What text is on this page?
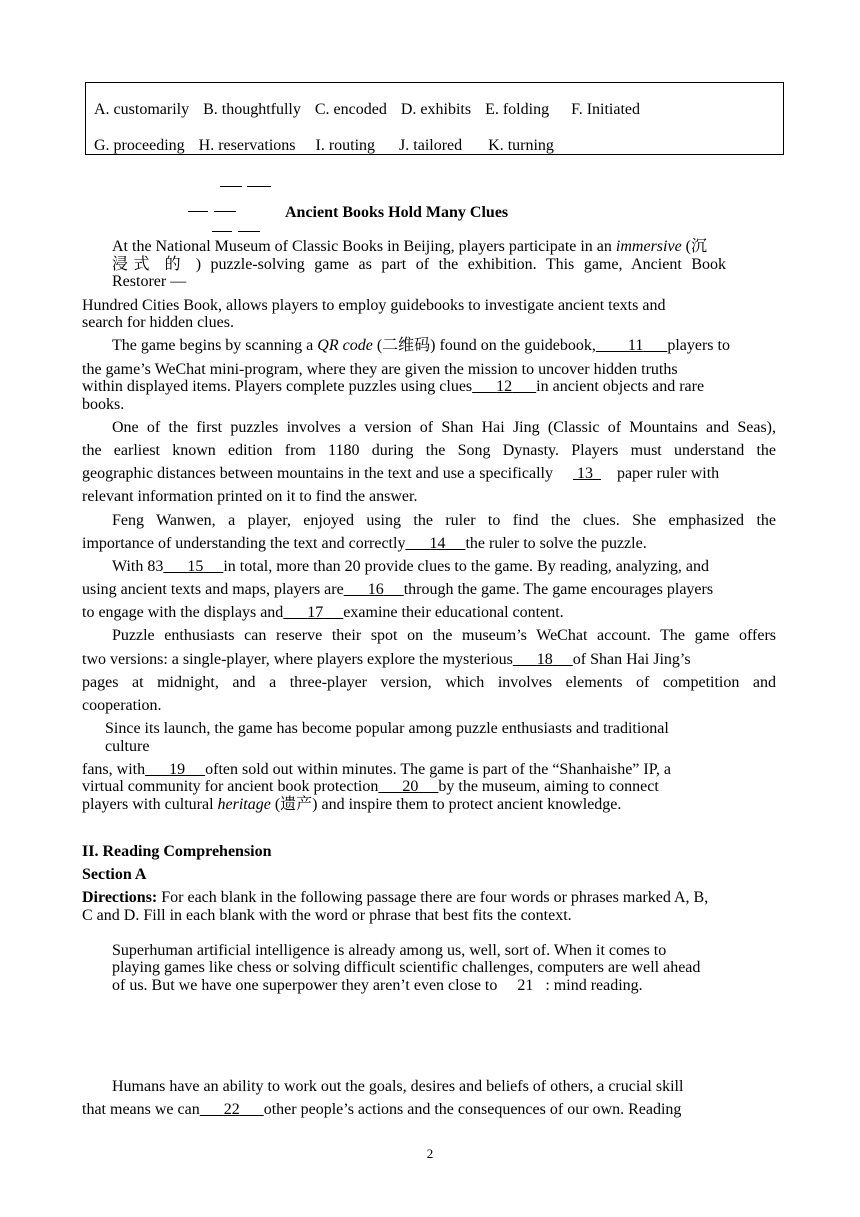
A. customarily B. thoughtfully C. encoded D. exhibits E. folding F. Initiated
G. proceeding H. reservations I. routing J. tailored K. turning
Ancient Books Hold Many Clues
At the National Museum of Classic Books in Beijing, players participate in an immersive (沉
浸式 的 ) puzzle-solving game as part of the exhibition. This game, Ancient Book
Restorer —
Hundred Cities Book, allows players to employ guidebooks to investigate ancient texts and
search for hidden clues.
The game begins by scanning a QR code (二维码) found on the guidebook, 11 players to
the game’s WeChat mini-program, where they are given the mission to uncover hidden truths
within displayed items. Players complete puzzles using clues 12 in ancient objects and rare
books.
One of the first puzzles involves a version of Shan Hai Jing (Classic of Mountains and Seas),
the earliest known edition from 1180 during the Song Dynasty. Players must understand the
geographic distances between mountains in the text and use a specifically 13 paper ruler with
relevant information printed on it to find the answer.
Feng Wanwen, a player, enjoyed using the ruler to find the clues. She emphasized the
importance of understanding the text and correctly 14 the ruler to solve the puzzle.
With 83 15 in total, more than 20 provide clues to the game. By reading, analyzing, and
using ancient texts and maps, players are 16 through the game. The game encourages players
to engage with the displays and 17 examine their educational content.
Puzzle enthusiasts can reserve their spot on the museum’s WeChat account. The game offers
two versions: a single-player, where players explore the mysterious 18 of Shan Hai Jing’s
pages at midnight, and a three-player version, which involves elements of competition and
cooperation.
Since its launch, the game has become popular among puzzle enthusiasts and traditional
culture
fans, with 19 often sold out within minutes. The game is part of the “Shanhaishe” IP, a
virtual community for ancient book protection 20 by the museum, aiming to connect
players with cultural heritage (遗产) and inspire them to protect ancient knowledge.
II. Reading Comprehension
Section A
Directions: For each blank in the following passage there are four words or phrases marked A, B,
C and D. Fill in each blank with the word or phrase that best fits the context.
Superhuman artificial intelligence is already among us, well, sort of. When it comes to
playing games like chess or solving difficult scientific challenges, computers are well ahead
of us. But we have one superpower they aren’t even close to 21 : mind reading.
Humans have an ability to work out the goals, desires and beliefs of others, a crucial skill
that means we can 22 other people’s actions and the consequences of our own. Reading
2
